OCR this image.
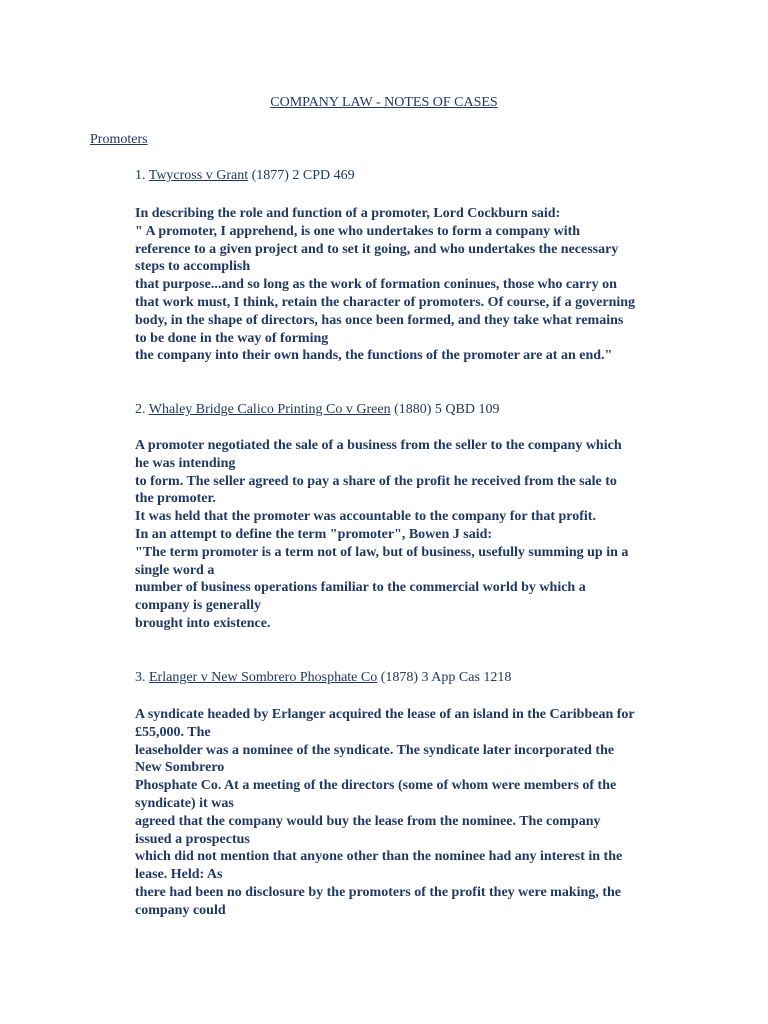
COMPANY LAW - NOTES OF CASES
Promoters
1. Twycross v Grant (1877) 2 CPD 469
In describing the role and function of a promoter, Lord Cockburn said:
" A promoter, I apprehend, is one who undertakes to form a company with
reference to a given project and to set it going, and who undertakes the necessary
steps to accomplish
that purpose...and so long as the work of formation coninues, those who carry on
that work must, I think, retain the character of promoters. Of course, if a governing
body, in the shape of directors, has once been formed, and they take what remains
to be done in the way of forming
the company into their own hands, the functions of the promoter are at an end."
2. Whaley Bridge Calico Printing Co v Green (1880) 5 QBD 109
A promoter negotiated the sale of a business from the seller to the company which
he was intending
to form. The seller agreed to pay a share of the profit he received from the sale to
the promoter.
It was held that the promoter was accountable to the company for that profit.
In an attempt to define the term "promoter", Bowen J said:
"The term promoter is a term not of law, but of business, usefully summing up in a
single word a
number of business operations familiar to the commercial world by which a
company is generally
brought into existence.
3. Erlanger v New Sombrero Phosphate Co (1878) 3 App Cas 1218
A syndicate headed by Erlanger acquired the lease of an island in the Caribbean for
£55,000. The
leaseholder was a nominee of the syndicate. The syndicate later incorporated the
New Sombrero
Phosphate Co. At a meeting of the directors (some of whom were members of the
syndicate) it was
agreed that the company would buy the lease from the nominee. The company
issued a prospectus
which did not mention that anyone other than the nominee had any interest in the
lease. Held: As
there had been no disclosure by the promoters of the profit they were making, the
company could
